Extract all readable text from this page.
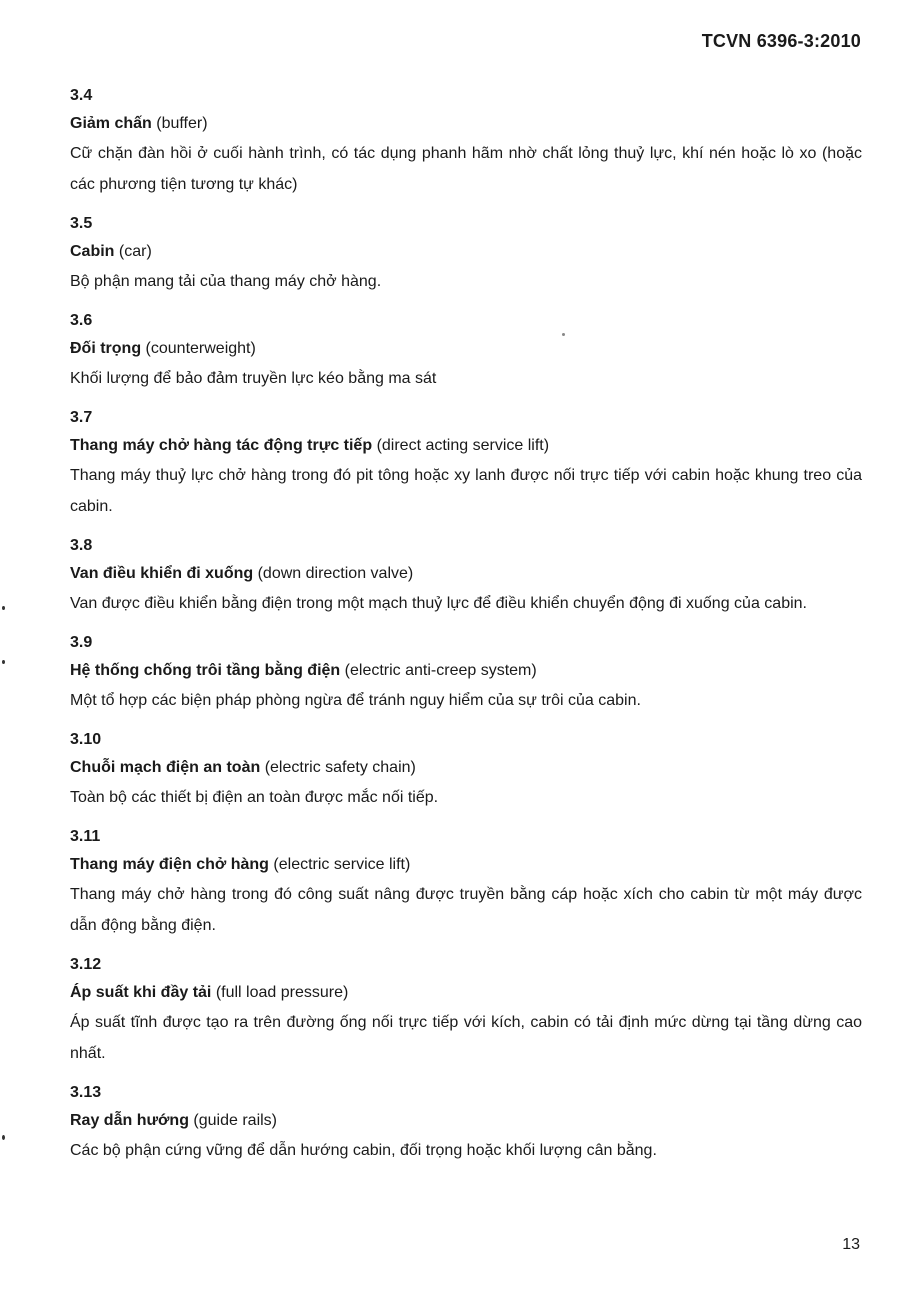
TCVN 6396-3:2010
3.4
Giảm chấn (buffer)
Cữ chặn đàn hồi ở cuối hành trình, có tác dụng phanh hãm nhờ chất lỏng thuỷ lực, khí nén hoặc lò xo (hoặc các phương tiện tương tự khác)
3.5
Cabin (car)
Bộ phận mang tải của thang máy chở hàng.
3.6
Đối trọng (counterweight)
Khối lượng để bảo đảm truyền lực kéo bằng ma sát
3.7
Thang máy chở hàng tác động trực tiếp (direct acting service lift)
Thang máy thuỷ lực chở hàng trong đó pit tông hoặc xy lanh được nối trực tiếp với cabin hoặc khung treo của cabin.
3.8
Van điều khiển đi xuống (down direction valve)
Van được điều khiển bằng điện trong một mạch thuỷ lực để điều khiển chuyển động đi xuống của cabin.
3.9
Hệ thống chống trôi tầng bằng điện (electric anti-creep system)
Một tổ hợp các biện pháp phòng ngừa để tránh nguy hiểm của sự trôi của cabin.
3.10
Chuỗi mạch điện an toàn (electric safety chain)
Toàn bộ các thiết bị điện an toàn được mắc nối tiếp.
3.11
Thang máy điện chở hàng (electric service lift)
Thang máy chở hàng trong đó công suất nâng được truyền bằng cáp hoặc xích cho cabin từ một máy được dẫn động bằng điện.
3.12
Áp suất khi đầy tải (full load pressure)
Áp suất tĩnh được tạo ra trên đường ống nối trực tiếp với kích, cabin có tải định mức dừng tại tầng dừng cao nhất.
3.13
Ray dẫn hướng (guide rails)
Các bộ phận cứng vững để dẫn hướng cabin, đối trọng hoặc khối lượng cân bằng.
13
